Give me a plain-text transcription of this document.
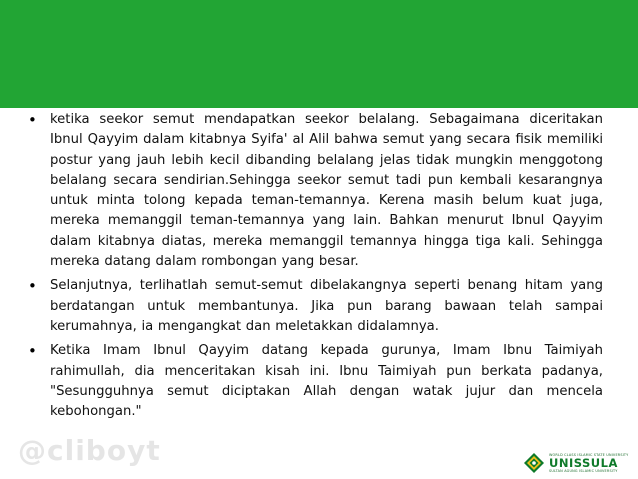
• ketika seekor semut mendapatkan seekor belalang. Sebagaimana diceritakan Ibnul Qayyim dalam kitabnya Syifa' al Alil bahwa semut yang secara fisik memiliki postur yang jauh lebih kecil dibanding belalang jelas tidak mungkin menggotong belalang secara sendirian.Sehingga seekor semut tadi pun kembali kesarangnya untuk minta tolong kepada teman-temannya. Kerena masih belum kuat juga, mereka memanggil teman-temannya yang lain. Bahkan menurut Ibnul Qayyim dalam kitabnya diatas, mereka memanggil temannya hingga tiga kali. Sehingga mereka datang dalam rombongan yang besar.
• Selanjutnya, terlihatlah semut-semut dibelakangnya seperti benang hitam yang berdatangan untuk membantunya. Jika pun barang bawaan telah sampai kerumahnya, ia mengangkat dan meletakkan didalamnya.
• Ketika Imam Ibnul Qayyim datang kepada gurunya, Imam Ibnu Taimiyah rahimullah, dia menceritakan kisah ini. Ibnu Taimiyah pun berkata padanya, "Sesungguhnya semut diciptakan Allah dengan watak jujur dan mencela kebohongan."
@cliboyt	WORLD CLASS ISLAMIC STATE UNIVERSITY
UNISSULA
SULTAN AGUNG ISLAMIC UNIVERSITY
